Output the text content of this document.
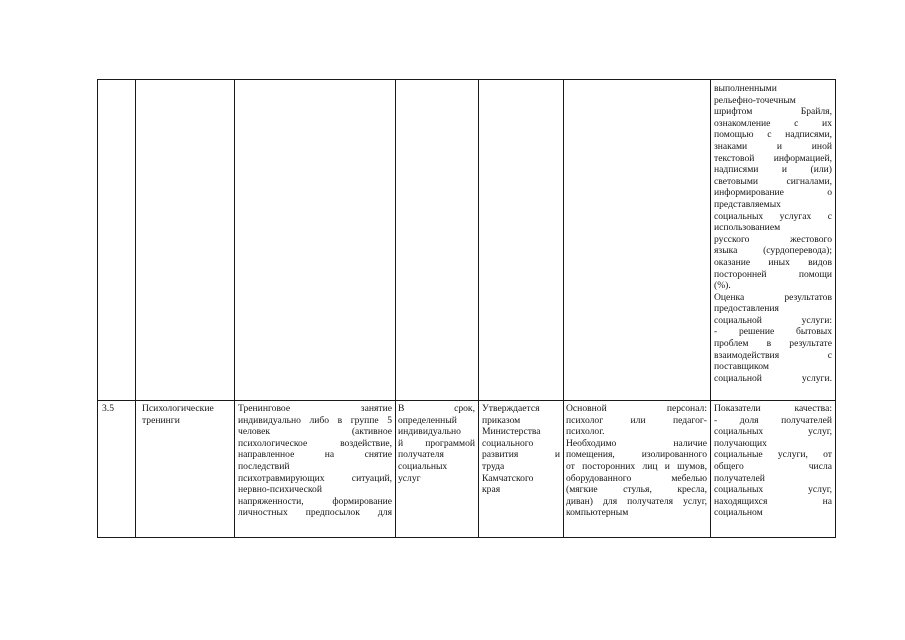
выполненными
рельефно-точечным
шрифтом Брайля,
ознакомление с их
помощью с надписями,
знаками и иной
текстовой информацией,
надписями и (или)
световыми сигналами,
информирование о
представляемых
социальных услугах с
использованием
русского жестового
языка (сурдоперевода);
оказание иных видов
посторонней помощи
(%).
Оценка результатов
предоставления
социальной услуги:
- решение бытовых
проблем в результате
взаимодействия с
поставщиком
социальной услуги.
3.5	Психологические
тренинги
Тренинговое занятие
индивидуально либо в группе 5
человек (активное
психологическое воздействие,
направленное на снятие
последствий
психотравмирующих ситуаций,
нервно-психической
напряженности, формирование
личностных предпосылок для
В срок,
определенный
индивидуально
й программой
получателя
социальных
услуг
Утверждается
приказом
Министерства
социального
развития и
труда
Камчатского
края
Основной персонал:
психолог или педагог-
психолог.
Необходимо наличие
помещения, изолированного
от посторонних лиц и шумов,
оборудованного мебелью
(мягкие стулья, кресла,
диван) для получателя услуг,
компьютерным
Показатели качества:
- доля получателей
социальных услуг,
получающих
социальные услуги, от
общего числа
получателей
социальных услуг,
находящихся на
социальном
